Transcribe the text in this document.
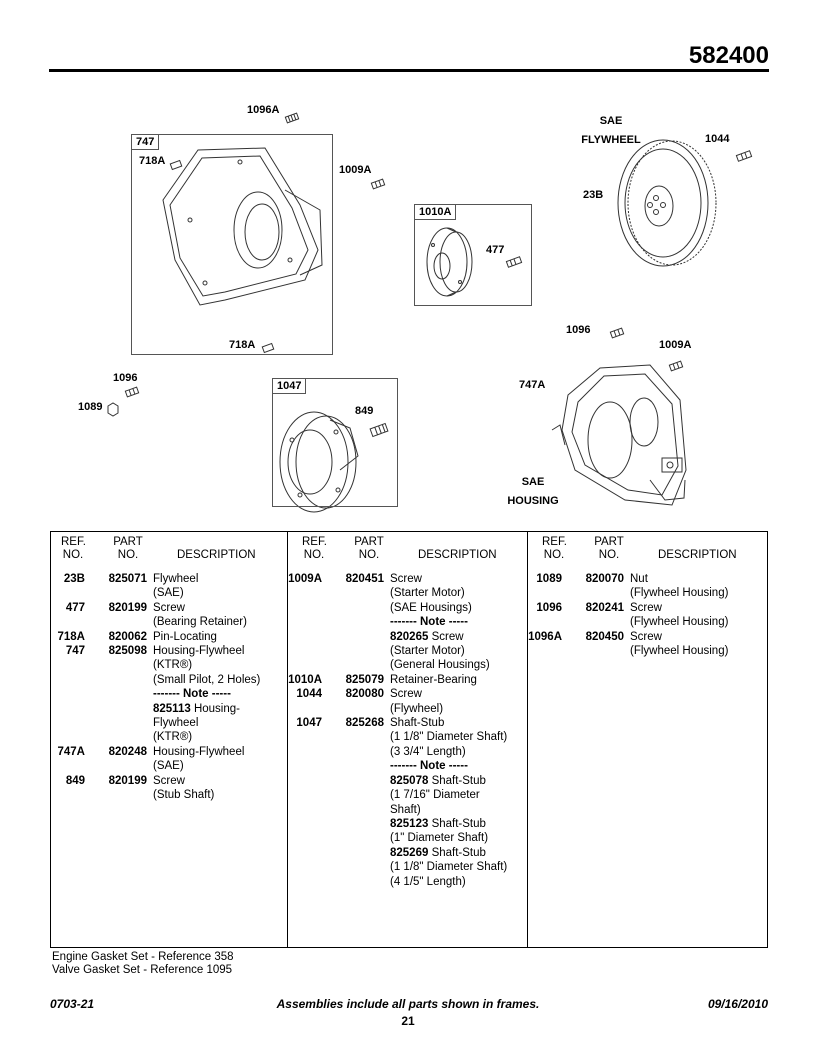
582400
747
1010A
1047
1096A
718A
718A
1009A
477
SAE
FLYWHEEL	1044
23B
1096
1009A
747A
SAE
HOUSING
1096
1089	849
REF.
NO.
PART
NO.	DESCRIPTION
23B	825071 Flywheel
(SAE)
477	820199 Screw
(Bearing Retainer)
718A	820062 Pin-Locating
747	825098 Housing-Flywheel
(KTR®)
(Small Pilot, 2 Holes)
------- Note -----
825113 Housing-
Flywheel
(KTR®)
747A	820248 Housing-Flywheel
(SAE)
849	820199 Screw
(Stub Shaft)
REF.
NO.
PART
NO.	DESCRIPTION
1009A	820451 Screw
(Starter Motor)
(SAE Housings)
------- Note -----
820265 Screw
(Starter Motor)
(General Housings)
1010A	825079 Retainer-Bearing
1044	820080 Screw
(Flywheel)
1047	825268 Shaft-Stub
(1 1/8" Diameter Shaft)
(3 3/4" Length)
------- Note -----
825078 Shaft-Stub
(1 7/16" Diameter
Shaft)
825123 Shaft-Stub
(1" Diameter Shaft)
825269 Shaft-Stub
(1 1/8" Diameter Shaft)
(4 1/5" Length)
REF.
NO.
PART
NO.	DESCRIPTION
1089	820070 Nut
(Flywheel Housing)
1096	820241 Screw
(Flywheel Housing)
1096A	820450 Screw
(Flywheel Housing)
Engine Gasket Set - Reference 358
Valve Gasket Set - Reference 1095
0703-21	Assemblies include all parts shown in frames.	09/16/2010
21
